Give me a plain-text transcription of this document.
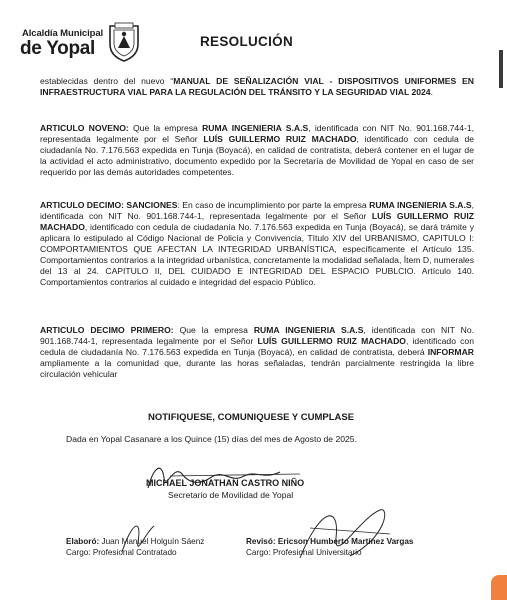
Alcaldía Municipal
de Yopal	RESOLUCIÓN

establecidas dentro del nuevo “MANUAL DE SEÑALIZACIÓN VIAL - DISPOSITIVOS UNIFORMES EN INFRAESTRUCTURA VIAL PARA LA REGULACIÓN DEL TRÁNSITO Y LA SEGURIDAD VIAL 2024.

ARTICULO NOVENO: Que la empresa RUMA INGENIERIA S.A.S, identificada con NIT No. 901.168.744-1, representada legalmente por el Señor LUÍS GUILLERMO RUIZ MACHADO, identificado con cedula de ciudadanía No. 7.176.563 expedida en Tunja (Boyacá), en calidad de contratista, deberá contener en el lugar de la actividad el acto administrativo, documento expedido por la Secretaría de Movilidad de Yopal en caso de ser requerido por las demás autoridades competentes.

ARTICULO DECIMO: SANCIONES: En caso de incumplimiento por parte la empresa RUMA INGENIERIA S.A.S, identificada con NIT No. 901.168.744-1, representada legalmente por el Señor LUÍS GUILLERMO RUIZ MACHADO, identificado con cedula de ciudadanía No. 7.176.563 expedida en Tunja (Boyacá), se dará trámite y aplicara lo estipulado al Código Nacional de Policía y Convivencia, Título XIV del URBANISMO, CAPITULO I: COMPORTAMIENTOS QUE AFECTAN LA INTEGRIDAD URBANÍSTICA, específicamente el Artículo 135. Comportamientos contrarios a la integridad urbanística, concretamente la modalidad señalada, Ítem D, numerales del 13 al 24. CAPITULO II, DEL CUIDADO E INTEGRIDAD DEL ESPACIO PUBLCIO. Artículo 140. Comportamientos contrarios al cuidado e integridad del espacio Público.

ARTICULO DECIMO PRIMERO: Que la empresa RUMA INGENIERIA S.A.S, identificada con NIT No. 901.168.744-1, representada legalmente por el Señor LUÍS GUILLERMO RUIZ MACHADO, identificado con cedula de ciudadanía No. 7.176.563 expedida en Tunja (Boyacá), en calidad de contratista, deberá INFORMAR ampliamente a la comunidad que, durante las horas señaladas, tendrán parcialmente restringida la libre circulación vehicular

NOTIFIQUESE, COMUNIQUESE Y CUMPLASE
Dada en Yopal Casanare a los Quince (15) días del mes de Agosto de 2025.
MICHAEL JONATHAN CASTRO NIÑO
Secretario de Movilidad de Yopal
Elaboró: Juan Manuel Holguín Sáenz
Cargo: Profesional Contratado
Revisó: Ericson Humberto Martínez Vargas
Cargo: Profesional Universitario
